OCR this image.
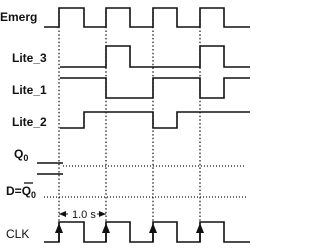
Emerg
Lite_3
Lite_1
Lite_2
$Q_0$
$D=Q_0$
CLK
1.0 s
